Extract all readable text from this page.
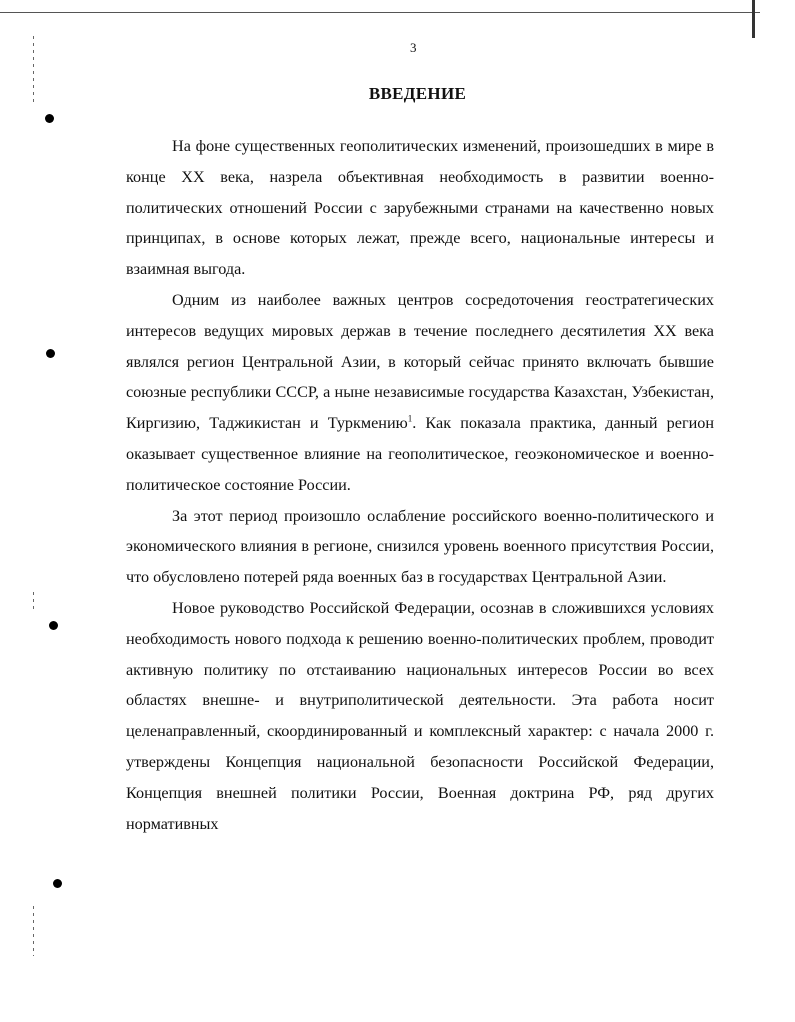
3
ВВЕДЕНИЕ

На фоне существенных геополитических изменений, произошедших в мире в конце XX века, назрела объективная необходимость в развитии военно-политических отношений России с зарубежными странами на качественно новых принципах, в основе которых лежат, прежде всего, национальные интересы и взаимная выгода.

Одним из наиболее важных центров сосредоточения геостратегических интересов ведущих мировых держав в течение последнего десятилетия XX века являлся регион Центральной Азии, в который сейчас принято включать бывшие союзные республики СССР, а ныне независимые государства Казахстан, Узбекистан, Киргизию, Таджикистан и Туркмению$^1$. Как показала практика, данный регион оказывает существенное влияние на геополитическое, геоэкономическое и военно-политическое состояние России.

За этот период произошло ослабление российского военно-политического и экономического влияния в регионе, снизился уровень военного присутствия России, что обусловлено потерей ряда военных баз в государствах Центральной Азии.

Новое руководство Российской Федерации, осознав в сложившихся условиях необходимость нового подхода к решению военно-политических проблем, проводит активную политику по отстаиванию национальных интересов России во всех областях внешне- и внутриполитической деятельности. Эта работа носит целенаправленный, скоординированный и комплексный характер: с начала 2000 г. утверждены Концепция национальной безопасности Российской Федерации, Концепция внешней политики России, Военная доктрина РФ, ряд других нормативных
